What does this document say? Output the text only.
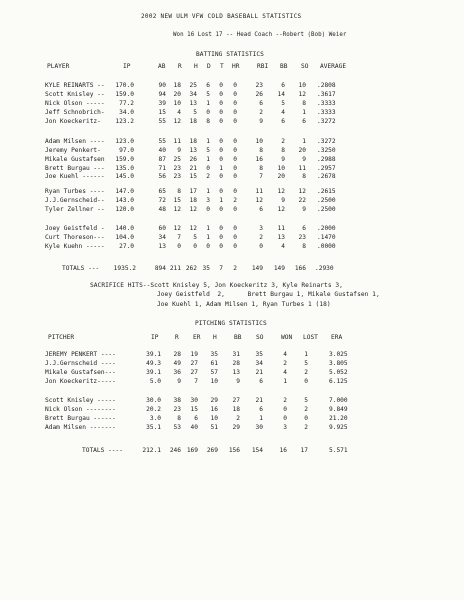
2002 NEW ULM VFW COLD BASEBALL STATISTICS
Won 16 Lost 17 -- Head Coach --Robert (Bob) Weier
BATTING STATISTICS
PLAYER	IP	AB R H D T HR	RBI BB SO AVERAGE
KYLE REINARTS --	170.0	90	18	25	6	0	0	23	6	10 .2808
Scott Knisley --	159.0	94	20	34	5	0	0	26	14	12 .3617
Nick Olson -----	77.2	39	10	13	1	0	0	6	5	8 .3333
Jeff Schnobrich-	34.0	15	4	5	0	0	0	2	4	1 .3333
Jon Koeckeritz-	123.2	55	12	18	8	0	0	9	6	6 .3272
Adam Milsen ----	123.0	55	11	18	1	0	0	10	2	1 .3272
Jeremy Penkert-	97.0	40	9	13	5	0	0	8	8	20 .3250
Mikale Gustafsen	159.0	87	25	26	1	0	0	16	9	9 .2988
Brett Burgau ---	135.0	71	23	21	0	1	0	8	10	11 .2957
Joe Kuehl ------	145.0	56	23	15	2	0	0	7	20	8 .2678
Ryan Turbes ----	147.0	65	8	17	1	0	0	11	12	12 .2615
J.J.Gernscheid--	143.0	72	15	18	3	1	2	12	9	22 .2500
Tyler Zellner --	120.0	48	12	12	0	0	0	6	12	9 .2500
Joey Geistfeld -	140.0	60	12	12	1	0	0	3	11	6 .2000
Curt Thoreson---	104.0	34	7	5	1	0	0	2	13	23 .1470
Kyle Kuehn -----	27.0	13	0	0	0	0	0	0	4	8 .0000
TOTALS ---	1935.2	894 211 262 35	7	2	149	149	166 .2930
SACRIFICE HITS--Scott Knisley 5, Jon Koeckeritz 3, Kyle Reinarts 3,
Joey Geistfeld  2,      Brett Burgau 1, Mikale Gustafsen 1,
Joe Kuehl 1, Adam Milsen 1, Ryan Turbes 1 (18)
PITCHING STATISTICS
PITCHER	IP	R ER H	BB SO	WON LOST ERA
JEREMY PENKERT ----	39.1	28	19	35	31	35	4	1	3.025
J.J.Gernscheid ----	49.3	49	27	61	28	34	2	5	3.805
Mikale Gustafsen---	39.1	36	27	57	13	21	4	2	5.052
Jon Koeckeritz-----	5.0	9	7	10	9	6	1	0	6.125
Scott Knisley -----	30.0	38	30	29	27	21	2	5	7.000
Nick Olson --------	20.2	23	15	16	18	6	0	2	9.849
Brett Burgau ------	3.0	8	6	10	2	1	0	0	21.20
Adam Milsen -------	35.1	53	40	51	29	30	3	2	9.925
TOTALS ----	212.1	246 169	269	156	154	16	17	5.571
